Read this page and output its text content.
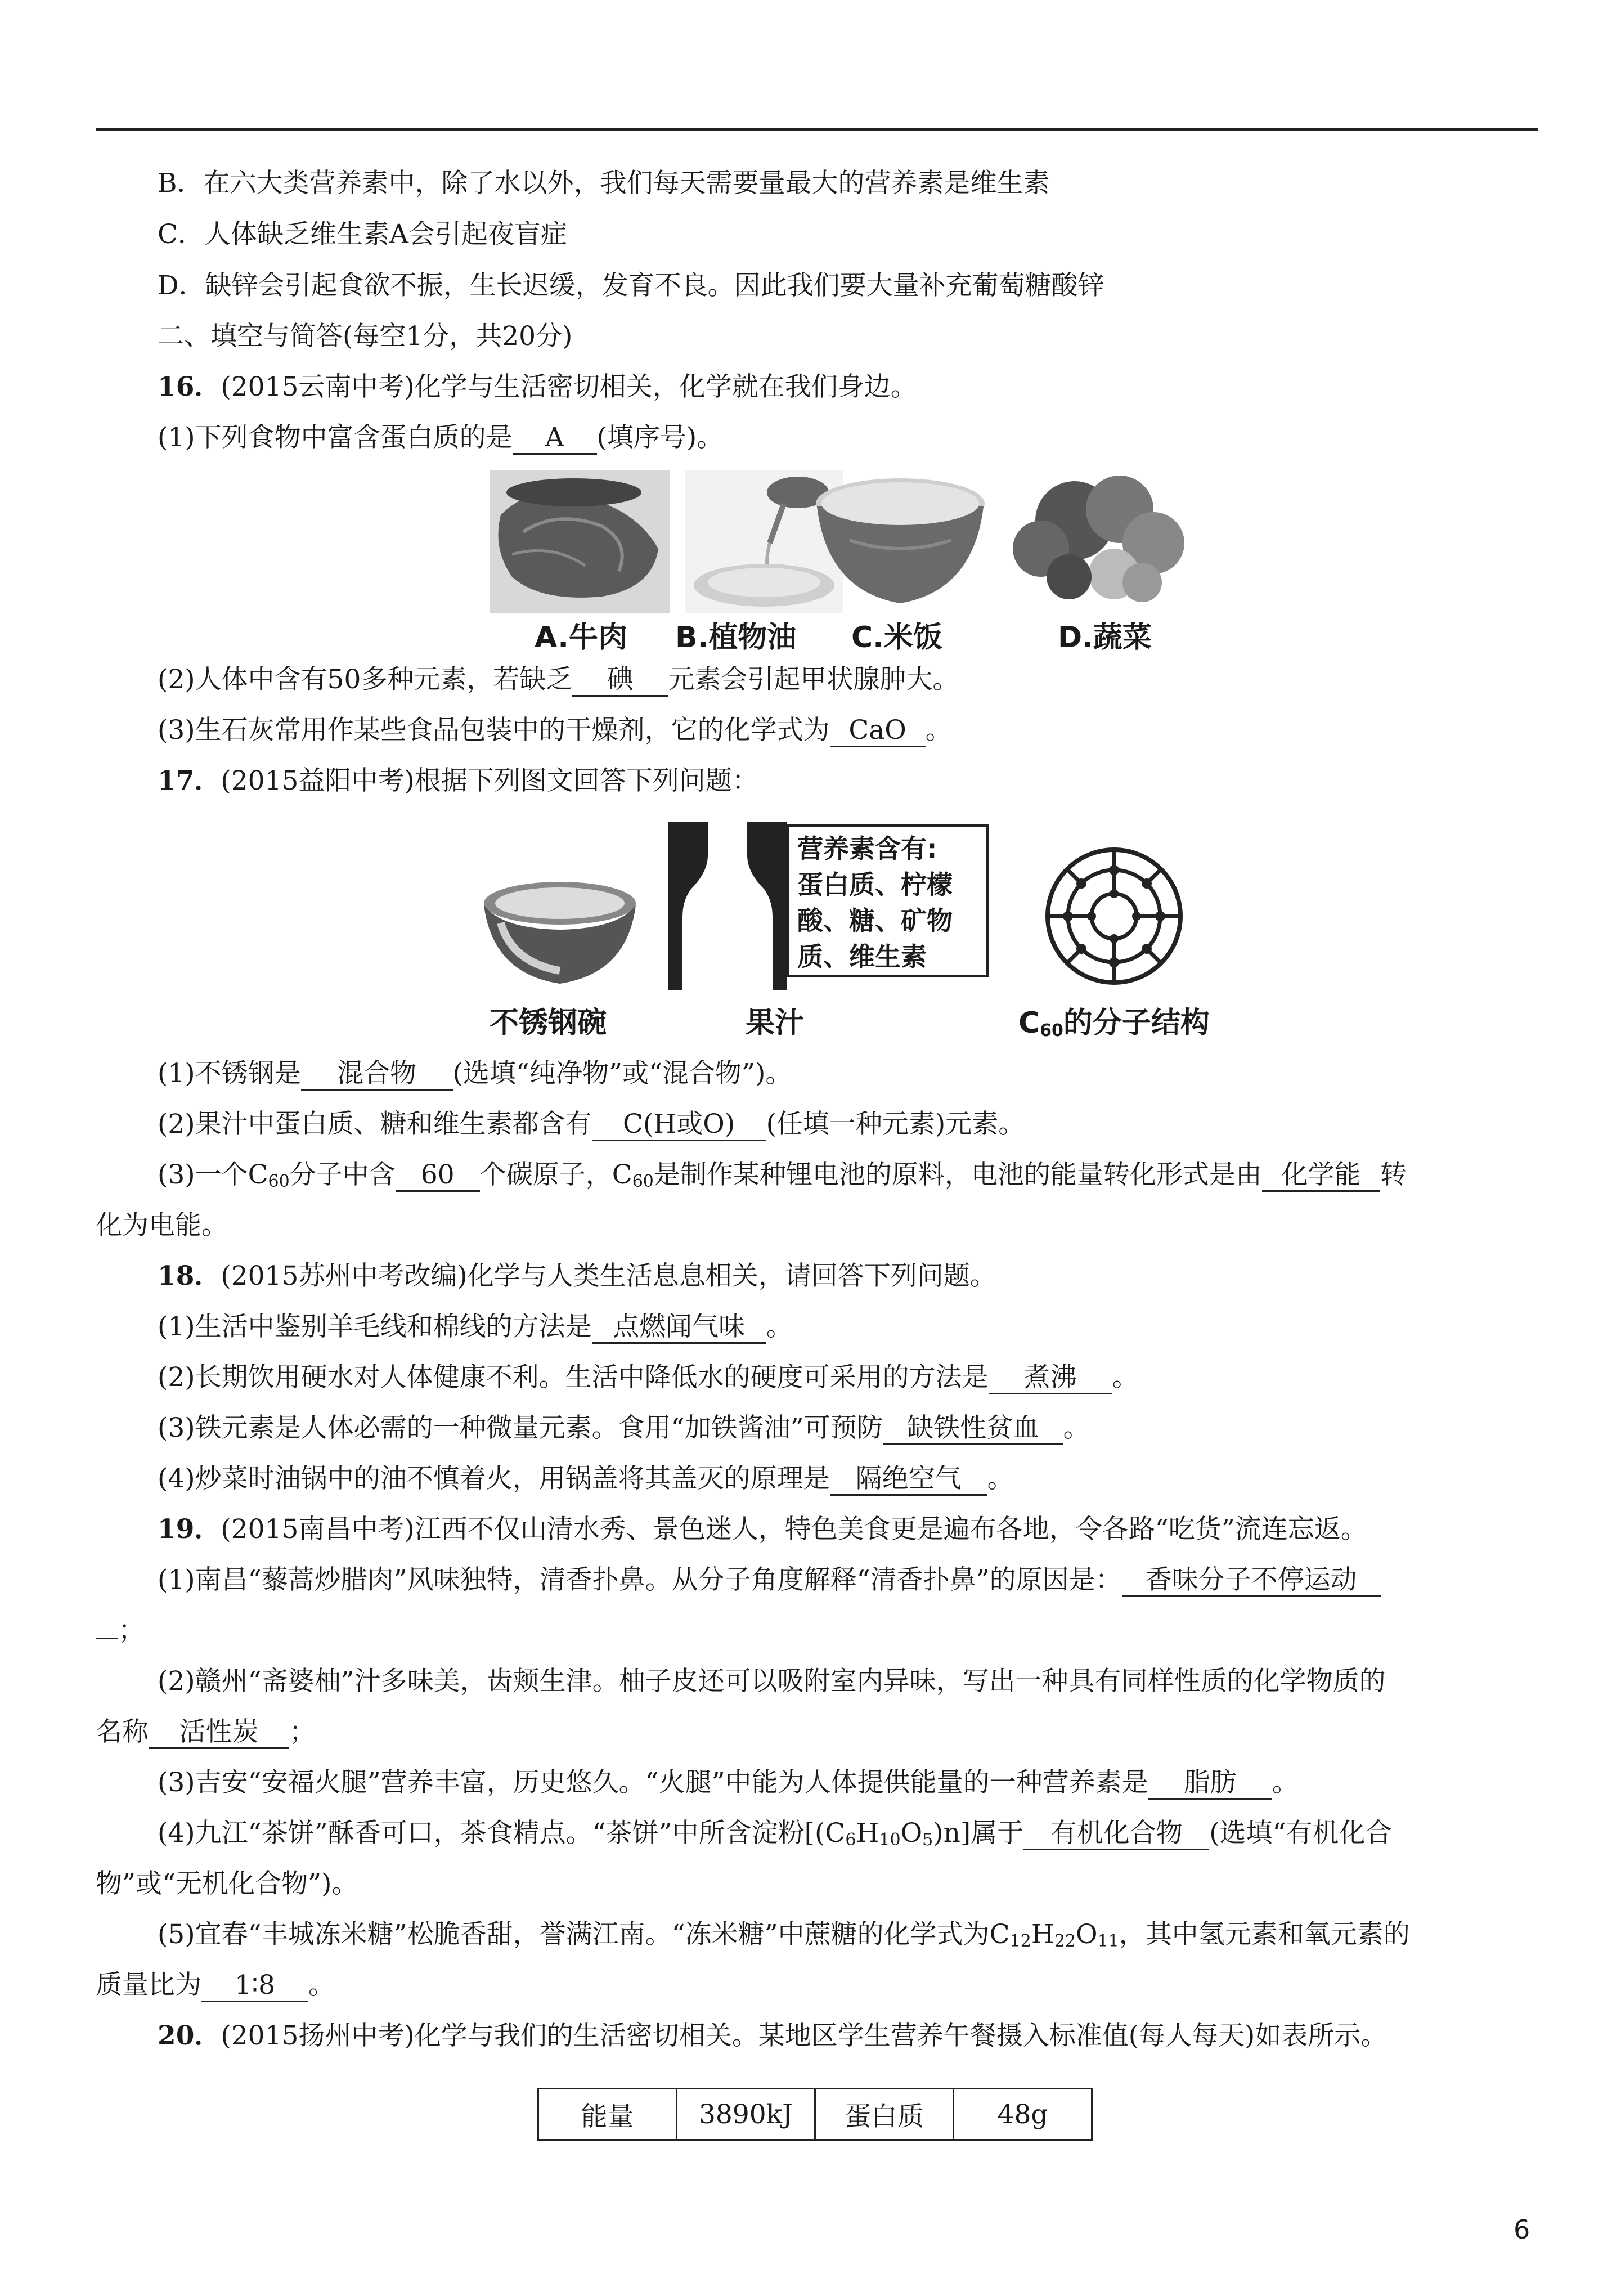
B．在六大类营养素中，除了水以外，我们每天需要量最大的营养素是维生素
C．人体缺乏维生素A会引起夜盲症
D．缺锌会引起食欲不振，生长迟缓，发育不良。因此我们要大量补充葡萄糖酸锌
二、填空与简答(每空1分，共20分)
16．(2015云南中考)化学与生活密切相关，化学就在我们身边。
(1)下列食物中富含蛋白质的是 A (填序号)。
A.牛肉 B.植物油 C.米饭	D.蔬菜
(2)人体中含有50多种元素，若缺乏 碘 元素会引起甲状腺肿大。
(3)生石灰常用作某些食品包装中的干燥剂，它的化学式为 CaO 。
17．(2015益阳中考)根据下列图文回答下列问题：
营养素含有:
蛋白质、柠檬
酸、糖、矿物
质、维生素
不锈钢碗	果汁	$C_{60}$的分子结构
(1)不锈钢是 混合物 (选填“纯净物”或“混合物”)。
(2)果汁中蛋白质、糖和维生素都含有 C(H或O) (任填一种元素)元素。
(3)一个$C_{60}$分子中含 60 个碳原子，$C_{60}$是制作某种锂电池的原料，电池的能量转化形式是由 化学能 转
化为电能。
18．(2015苏州中考改编)化学与人类生活息息相关，请回答下列问题。
(1)生活中鉴别羊毛线和棉线的方法是 点燃闻气味 。
(2)长期饮用硬水对人体健康不利。生活中降低水的硬度可采用的方法是 煮沸 。
(3)铁元素是人体必需的一种微量元素。食用“加铁酱油”可预防 缺铁性贫血 。
(4)炒菜时油锅中的油不慎着火，用锅盖将其盖灭的原理是 隔绝空气 。
19．(2015南昌中考)江西不仅山清水秀、景色迷人，特色美食更是遍布各地，令各路“吃货”流连忘返。
(1)南昌“藜蒿炒腊肉”风味独特，清香扑鼻。从分子角度解释“清香扑鼻”的原因是： 香味分子不停运动
；
(2)赣州“斋婆柚”汁多味美，齿颊生津。柚子皮还可以吸附室内异味，写出一种具有同样性质的化学物质的
名称 活性炭 ；
(3)吉安“安福火腿”营养丰富，历史悠久。“火腿”中能为人体提供能量的一种营养素是 脂肪 。
(4)九江“茶饼”酥香可口，茶食精点。“茶饼”中所含淀粉$[(C_6H_{10}O_5)n]$属于 有机化合物 (选填“有机化合
物”或“无机化合物”)。
(5)宜春“丰城冻米糖”松脆香甜，誉满江南。“冻米糖”中蔗糖的化学式为$C_{12}H_{22}O_{11}$，其中氢元素和氧元素的
质量比为 1∶8 。
20．(2015扬州中考)化学与我们的生活密切相关。某地区学生营养午餐摄入标准值(每人每天)如表所示。
能量	3890kJ	蛋白质	48g
6
